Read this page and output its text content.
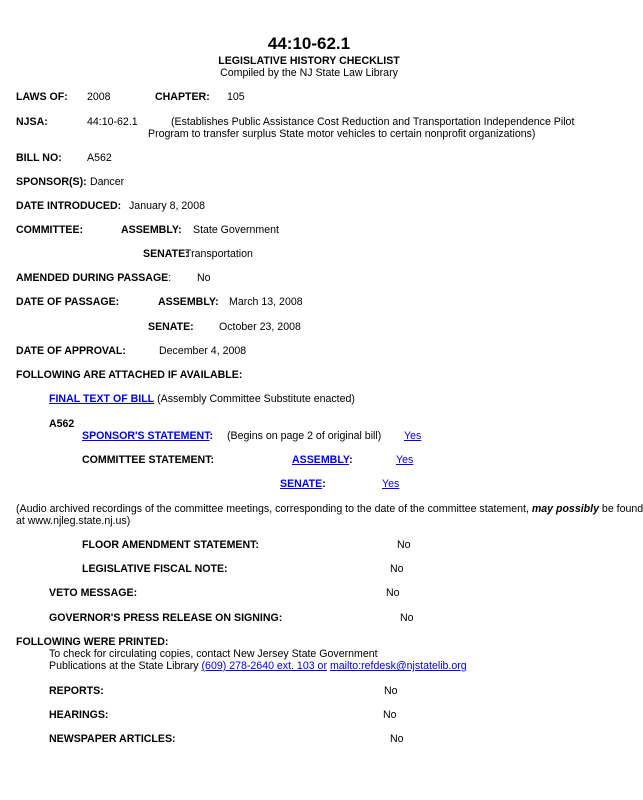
44:10-62.1
LEGISLATIVE HISTORY CHECKLIST
Compiled by the NJ State Law Library
LAWS OF: 2008	CHAPTER: 105
NJSA:	44:10-62.1	(Establishes Public Assistance Cost Reduction and Transportation Independence Pilot
Program to transfer surplus State motor vehicles to certain nonprofit organizations)
BILL NO: A562
SPONSOR(S): Dancer
DATE INTRODUCED: January 8, 2008
COMMITTEE:	ASSEMBLY: State Government
SENATE:
Transportation
AMENDED DURING PASSAGE: No
DATE OF PASSAGE:	ASSEMBLY: March 13, 2008
SENATE: October 23, 2008
DATE OF APPROVAL:	December 4, 2008
FOLLOWING ARE ATTACHED IF AVAILABLE:
FINAL TEXT OF BILL (Assembly Committee Substitute enacted)
A562
SPONSOR'S STATEMENT: (Begins on page 2 of original bill) Yes
COMMITTEE STATEMENT:	ASSEMBLY:	Yes
SENATE:	Yes
(Audio archived recordings of the committee meetings, corresponding to the date of the committee statement, may possibly be found
at www.njleg.state.nj.us)
FLOOR AMENDMENT STATEMENT:	No
LEGISLATIVE FISCAL NOTE:	No
VETO MESSAGE:	No
GOVERNOR'S PRESS RELEASE ON SIGNING:	No
FOLLOWING WERE PRINTED:
To check for circulating copies, contact New Jersey State Government
Publications at the State Library (609) 278-2640 ext. 103 or mailto:refdesk@njstatelib.org
REPORTS:	No
HEARINGS:	No
NEWSPAPER ARTICLES:	No
